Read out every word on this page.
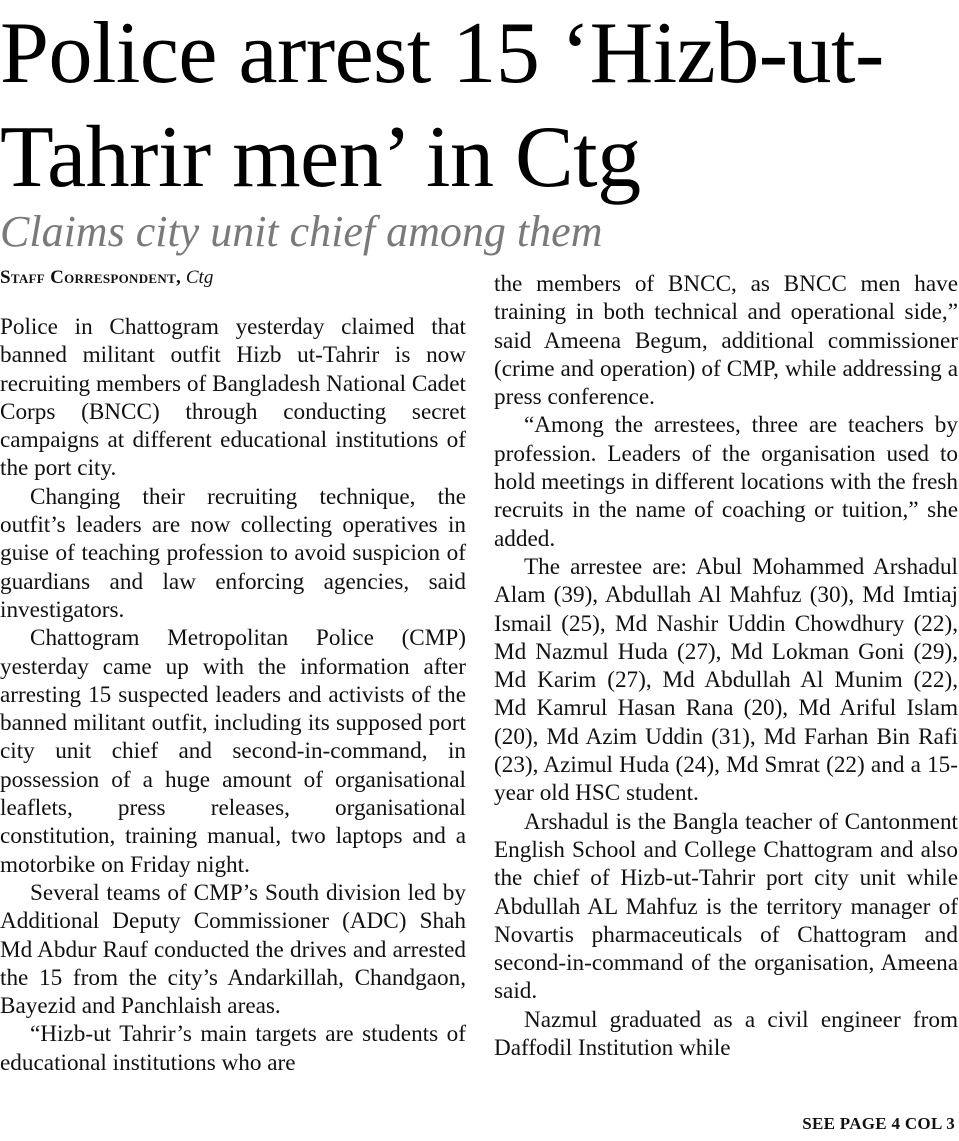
Police arrest 15 ‘Hizb-ut-Tahrir men’ in Ctg
Claims city unit chief among them
Staff Correspondent, Ctg

Police in Chattogram yesterday claimed that banned militant outfit Hizb ut-Tahrir is now recruiting members of Bangladesh National Cadet Corps (BNCC) through conducting secret campaigns at different educational institutions of the port city.

Changing their recruiting technique, the outfit’s leaders are now collecting operatives in guise of teaching profession to avoid suspicion of guardians and law enforcing agencies, said investigators.

Chattogram Metropolitan Police (CMP) yesterday came up with the information after arresting 15 suspected leaders and activists of the banned militant outfit, including its supposed port city unit chief and second-in-command, in possession of a huge amount of organisational leaflets, press releases, organisational constitution, training manual, two laptops and a motorbike on Friday night.

Several teams of CMP’s South division led by Additional Deputy Commissioner (ADC) Shah Md Abdur Rauf conducted the drives and arrested the 15 from the city’s Andarkillah, Chandgaon, Bayezid and Panchlaish areas.

“Hizb-ut Tahrir’s main targets are students of educational institutions who are

the members of BNCC, as BNCC men have training in both technical and operational side,” said Ameena Begum, additional commissioner (crime and operation) of CMP, while addressing a press conference.

“Among the arrestees, three are teachers by profession. Leaders of the organisation used to hold meetings in different locations with the fresh recruits in the name of coaching or tuition,” she added.

The arrestee are: Abul Mohammed Arshadul Alam (39), Abdullah Al Mahfuz (30), Md Imtiaj Ismail (25), Md Nashir Uddin Chowdhury (22), Md Nazmul Huda (27), Md Lokman Goni (29), Md Karim (27), Md Abdullah Al Munim (22), Md Kamrul Hasan Rana (20), Md Ariful Islam (20), Md Azim Uddin (31), Md Farhan Bin Rafi (23), Azimul Huda (24), Md Smrat (22) and a 15-year old HSC student.

Arshadul is the Bangla teacher of Cantonment English School and College Chattogram and also the chief of Hizb-ut-Tahrir port city unit while Abdullah AL Mahfuz is the territory manager of Novartis pharmaceuticals of Chattogram and second-in-command of the organisation, Ameena said.

Nazmul graduated as a civil engineer from Daffodil Institution while

SEE PAGE 4 COL 3
